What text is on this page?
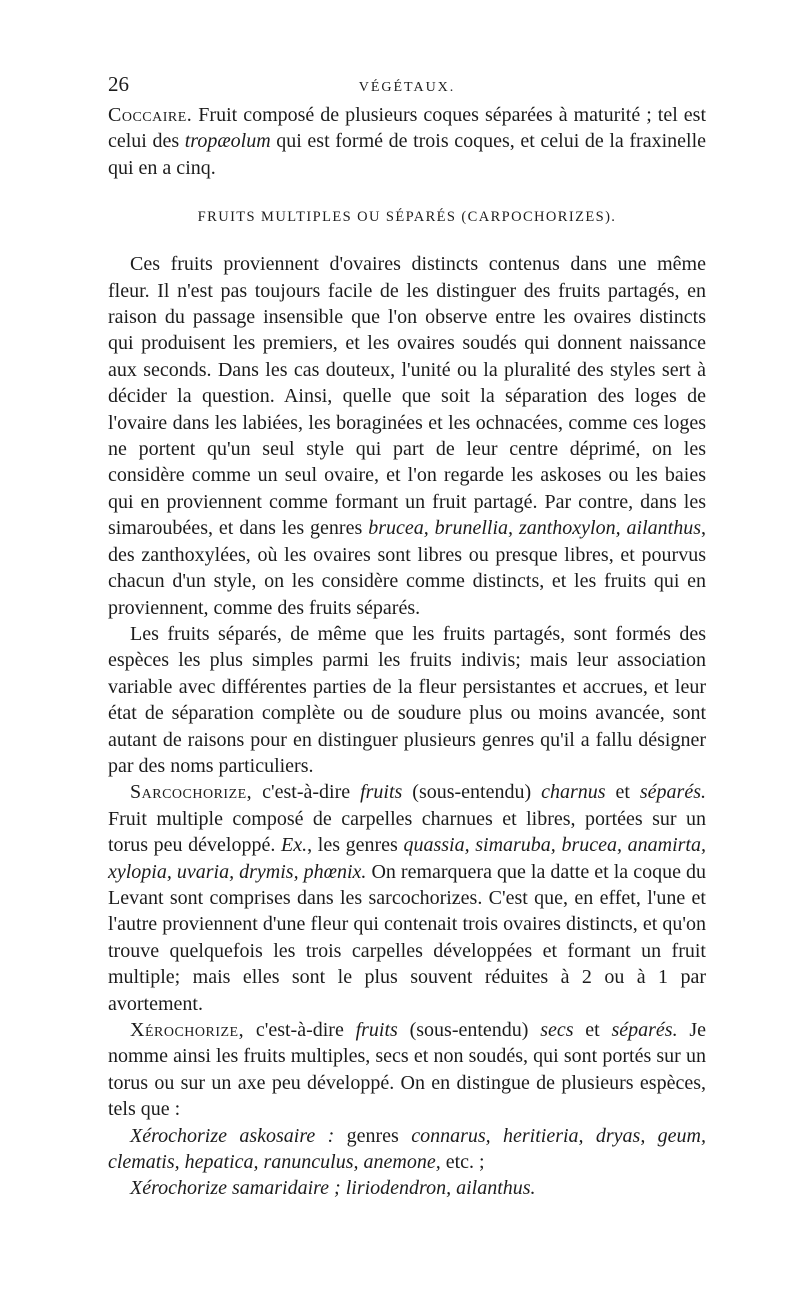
26	VÉGÉTAUX.

Coccaire. Fruit composé de plusieurs coques séparées à maturité ; tel est celui des tropæolum qui est formé de trois coques, et celui de la fraxinelle qui en a cinq.

FRUITS MULTIPLES OU SÉPARÉS (CARPOCHORIZES).

Ces fruits proviennent d'ovaires distincts contenus dans une même fleur. Il n'est pas toujours facile de les distinguer des fruits partagés, en raison du passage insensible que l'on observe entre les ovaires distincts qui produisent les premiers, et les ovaires soudés qui donnent naissance aux seconds. Dans les cas douteux, l'unité ou la pluralité des styles sert à décider la question. Ainsi, quelle que soit la séparation des loges de l'ovaire dans les labiées, les boraginées et les ochnacées, comme ces loges ne portent qu'un seul style qui part de leur centre déprimé, on les considère comme un seul ovaire, et l'on regarde les askoses ou les baies qui en proviennent comme formant un fruit partagé. Par contre, dans les simaroubées, et dans les genres brucea, brunellia, zanthoxylon, ailanthus, des zanthoxylées, où les ovaires sont libres ou presque libres, et pourvus chacun d'un style, on les considère comme distincts, et les fruits qui en proviennent, comme des fruits séparés.

Les fruits séparés, de même que les fruits partagés, sont formés des espèces les plus simples parmi les fruits indivis; mais leur association variable avec différentes parties de la fleur persistantes et accrues, et leur état de séparation complète ou de soudure plus ou moins avancée, sont autant de raisons pour en distinguer plusieurs genres qu'il a fallu désigner par des noms particuliers.

Sarcochorize, c'est-à-dire fruits (sous-entendu) charnus et séparés. Fruit multiple composé de carpelles charnues et libres, portées sur un torus peu développé. Ex., les genres quassia, simaruba, brucea, anamirta, xylopia, uvaria, drymis, phœnix. On remarquera que la datte et la coque du Levant sont comprises dans les sarcochorizes. C'est que, en effet, l'une et l'autre proviennent d'une fleur qui contenait trois ovaires distincts, et qu'on trouve quelquefois les trois carpelles développées et formant un fruit multiple; mais elles sont le plus souvent réduites à 2 ou à 1 par avortement.

Xérochorize, c'est-à-dire fruits (sous-entendu) secs et séparés. Je nomme ainsi les fruits multiples, secs et non soudés, qui sont portés sur un torus ou sur un axe peu développé. On en distingue de plusieurs espèces, tels que :

Xérochorize askosaire : genres connarus, heritieria, dryas, geum, clematis, hepatica, ranunculus, anemone, etc. ;

Xérochorize samaridaire ; liriodendron, ailanthus.
